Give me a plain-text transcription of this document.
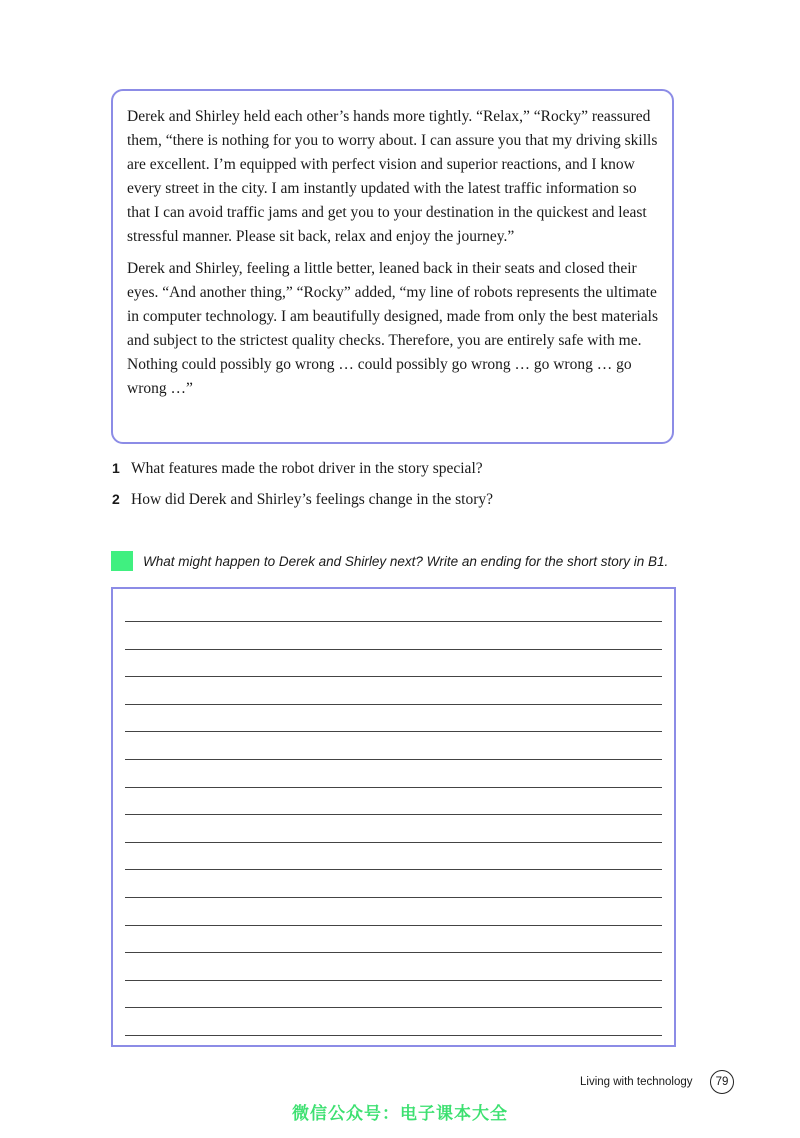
Derek and Shirley held each other’s hands more tightly. “Relax,” “Rocky” reassured them, “there is nothing for you to worry about. I can assure you that my driving skills are excellent. I’m equipped with perfect vision and superior reactions, and I know every street in the city. I am instantly updated with the latest traffic information so that I can avoid traffic jams and get you to your destination in the quickest and least stressful manner. Please sit back, relax and enjoy the journey.”

Derek and Shirley, feeling a little better, leaned back in their seats and closed their eyes. “And another thing,” “Rocky” added, “my line of robots represents the ultimate in computer technology. I am beautifully designed, made from only the best materials and subject to the strictest quality checks. Therefore, you are entirely safe with me. Nothing could possibly go wrong … could possibly go wrong … go wrong … go wrong …”

1 What features made the robot driver in the story special?
2 How did Derek and Shirley’s feelings change in the story?
What might happen to Derek and Shirley next? Write an ending for the short story in B1.
Living with technology	79
微信公众号：电子课本大全
